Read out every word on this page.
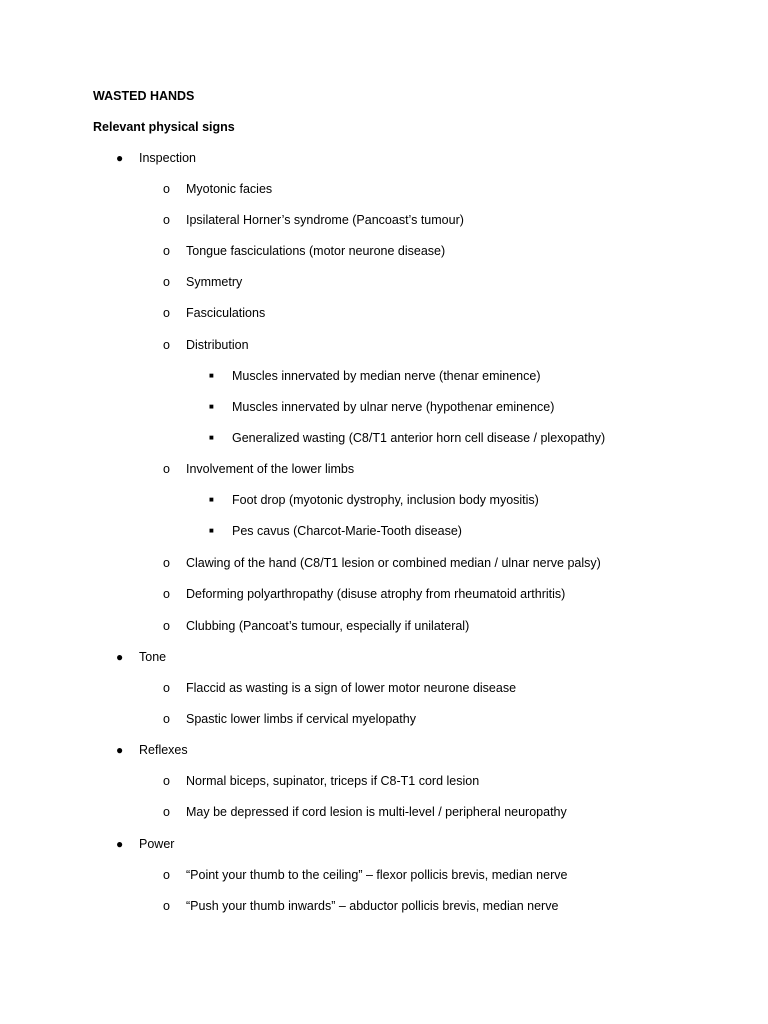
WASTED HANDS
Relevant physical signs
● Inspection
o Myotonic facies
o Ipsilateral Horner’s syndrome (Pancoast’s tumour)
o Tongue fasciculations (motor neurone disease)
o Symmetry
o Fasciculations
o Distribution
■ Muscles innervated by median nerve (thenar eminence)
■ Muscles innervated by ulnar nerve (hypothenar eminence)
■ Generalized wasting (C8/T1 anterior horn cell disease / plexopathy)
o Involvement of the lower limbs
■ Foot drop (myotonic dystrophy, inclusion body myositis)
■ Pes cavus (Charcot-Marie-Tooth disease)
o Clawing of the hand (C8/T1 lesion or combined median / ulnar nerve palsy)
o Deforming polyarthropathy (disuse atrophy from rheumatoid arthritis)
o Clubbing (Pancoat’s tumour, especially if unilateral)
● Tone
o Flaccid as wasting is a sign of lower motor neurone disease
o Spastic lower limbs if cervical myelopathy
● Reflexes
o Normal biceps, supinator, triceps if C8-T1 cord lesion
o May be depressed if cord lesion is multi-level / peripheral neuropathy
● Power
o “Point your thumb to the ceiling” – flexor pollicis brevis, median nerve
o “Push your thumb inwards” – abductor pollicis brevis, median nerve
